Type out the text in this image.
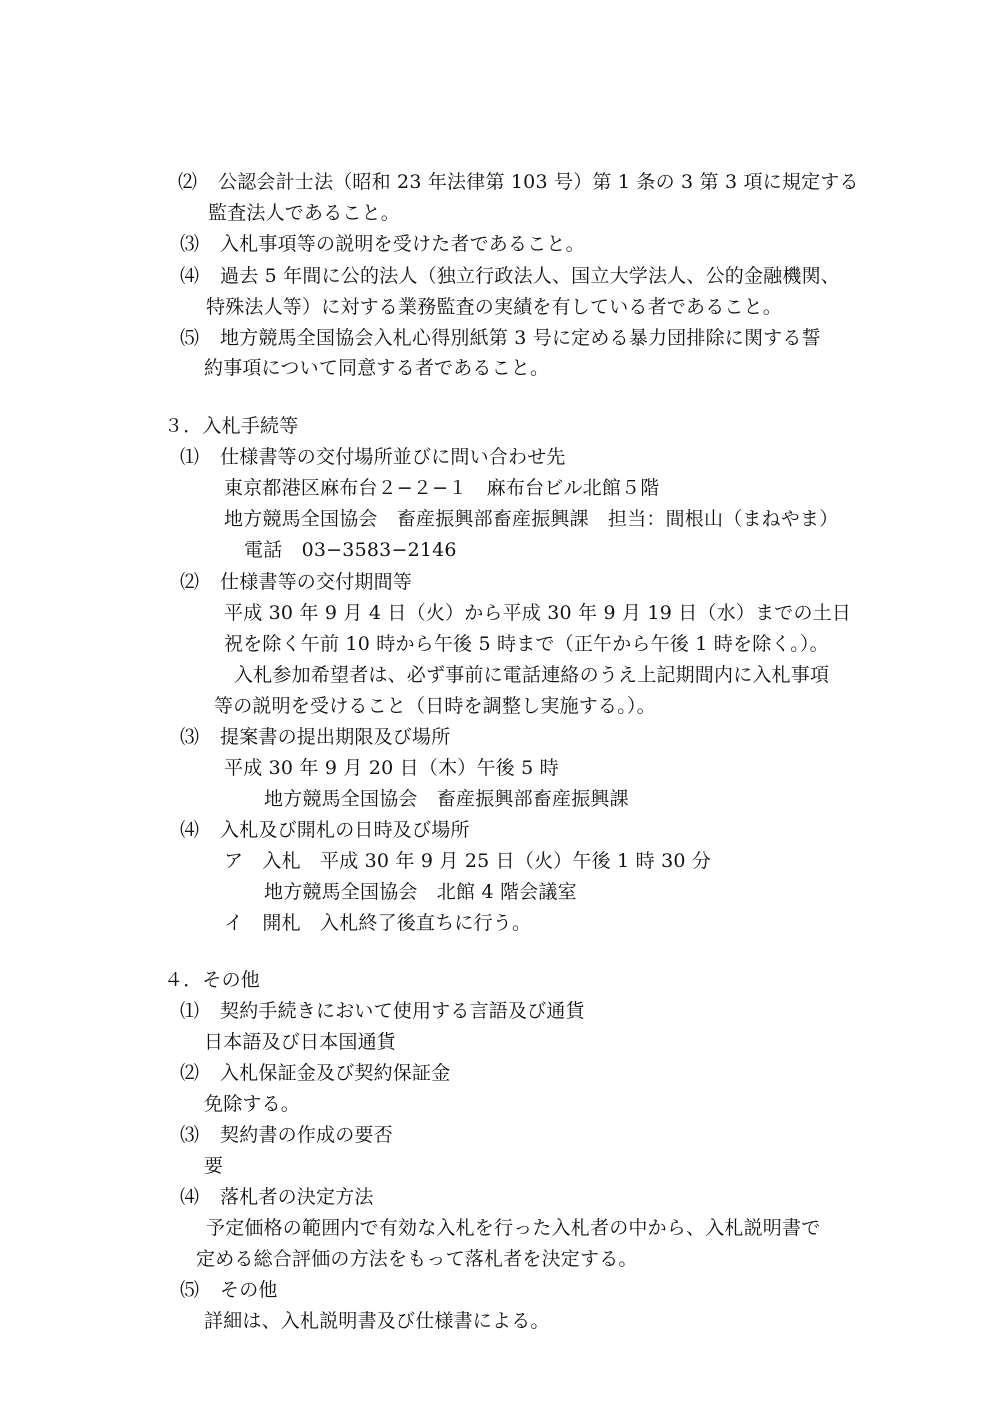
⑵ 公認会計士法（昭和 23 年法律第 103 号）第 1 条の 3 第 3 項に規定する
監査法人であること。
⑶ 入札事項等の説明を受けた者であること。
⑷ 過去 5 年間に公的法人（独立行政法人、国立大学法人、公的金融機関、
特殊法人等）に対する業務監査の実績を有している者であること。
⑸ 地方競馬全国協会入札心得別紙第 3 号に定める暴力団排除に関する誓
約事項について同意する者であること。
３．入札手続等
⑴ 仕様書等の交付場所並びに問い合わせ先
東京都港区麻布台２−２−１　麻布台ビル北館５階
地方競馬全国協会　畜産振興部畜産振興課　担当：間根山（まねやま）
電話　03−3583−2146
⑵ 仕様書等の交付期間等
平成 30 年 9 月 4 日（火）から平成 30 年 9 月 19 日（水）までの土日
祝を除く午前 10 時から午後 5 時まで（正午から午後 1 時を除く。）。
入札参加希望者は、必ず事前に電話連絡のうえ上記期間内に入札事項
等の説明を受けること（日時を調整し実施する。）。
⑶ 提案書の提出期限及び場所
平成 30 年 9 月 20 日（木）午後 5 時
地方競馬全国協会　畜産振興部畜産振興課
⑷ 入札及び開札の日時及び場所
ア　入札　平成 30 年 9 月 25 日（火）午後 1 時 30 分
地方競馬全国協会　北館 4 階会議室
イ　開札　入札終了後直ちに行う。
４．その他
⑴ 契約手続きにおいて使用する言語及び通貨
日本語及び日本国通貨
⑵ 入札保証金及び契約保証金
免除する。
⑶ 契約書の作成の要否
要
⑷ 落札者の決定方法
予定価格の範囲内で有効な入札を行った入札者の中から、入札説明書で
定める総合評価の方法をもって落札者を決定する。
⑸ その他
詳細は、入札説明書及び仕様書による。
